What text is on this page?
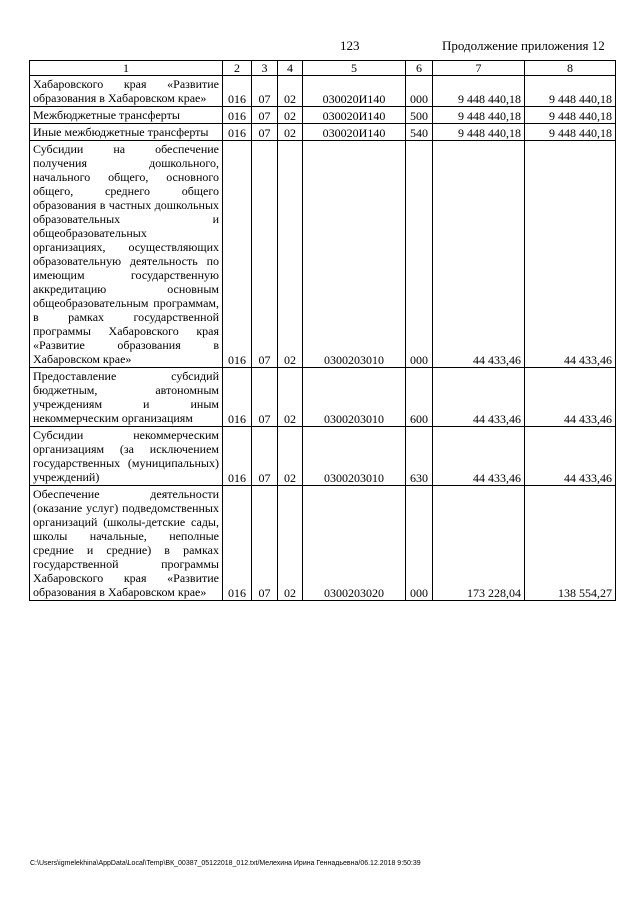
123	Продолжение приложения 12
1	2	3	4	5	6	7	8
Хабаровского края «Развитие образования в Хабаровском крае»	016	07	02	030020И140	000	9 448 440,18	9 448 440,18
Межбюджетные трансферты	016	07	02	030020И140	500	9 448 440,18	9 448 440,18
Иные межбюджетные трансферты	016	07	02	030020И140	540	9 448 440,18	9 448 440,18
Субсидии на обеспечение получения дошкольного, начального общего, основного общего, среднего общего образования в частных дошкольных образовательных и общеобразовательных организациях, осуществляющих образовательную деятельность по имеющим государственную аккредитацию основным общеобразовательным программам, в рамках государственной программы Хабаровского края «Развитие образования в Хабаровском крае»	016	07	02	0300203010	000	44 433,46	44 433,46
Предоставление субсидий бюджетным, автономным учреждениям и иным некоммерческим организациям	016	07	02	0300203010	600	44 433,46	44 433,46
Субсидии некоммерческим организациям (за исключением государственных (муниципальных) учреждений)	016	07	02	0300203010	630	44 433,46	44 433,46
Обеспечение деятельности (оказание услуг) подведомственных организаций (школы-детские сады, школы начальные, неполные средние и средние) в рамках государственной программы Хабаровского края «Развитие образования в Хабаровском крае»	016	07	02	0300203020	000	173 228,04	138 554,27
C:\Users\igmelekhina\AppData\Local\Temp\ВК_00387_05122018_012.txt/Мелехина Ирина Геннадьевна/06.12.2018 9:50:39
